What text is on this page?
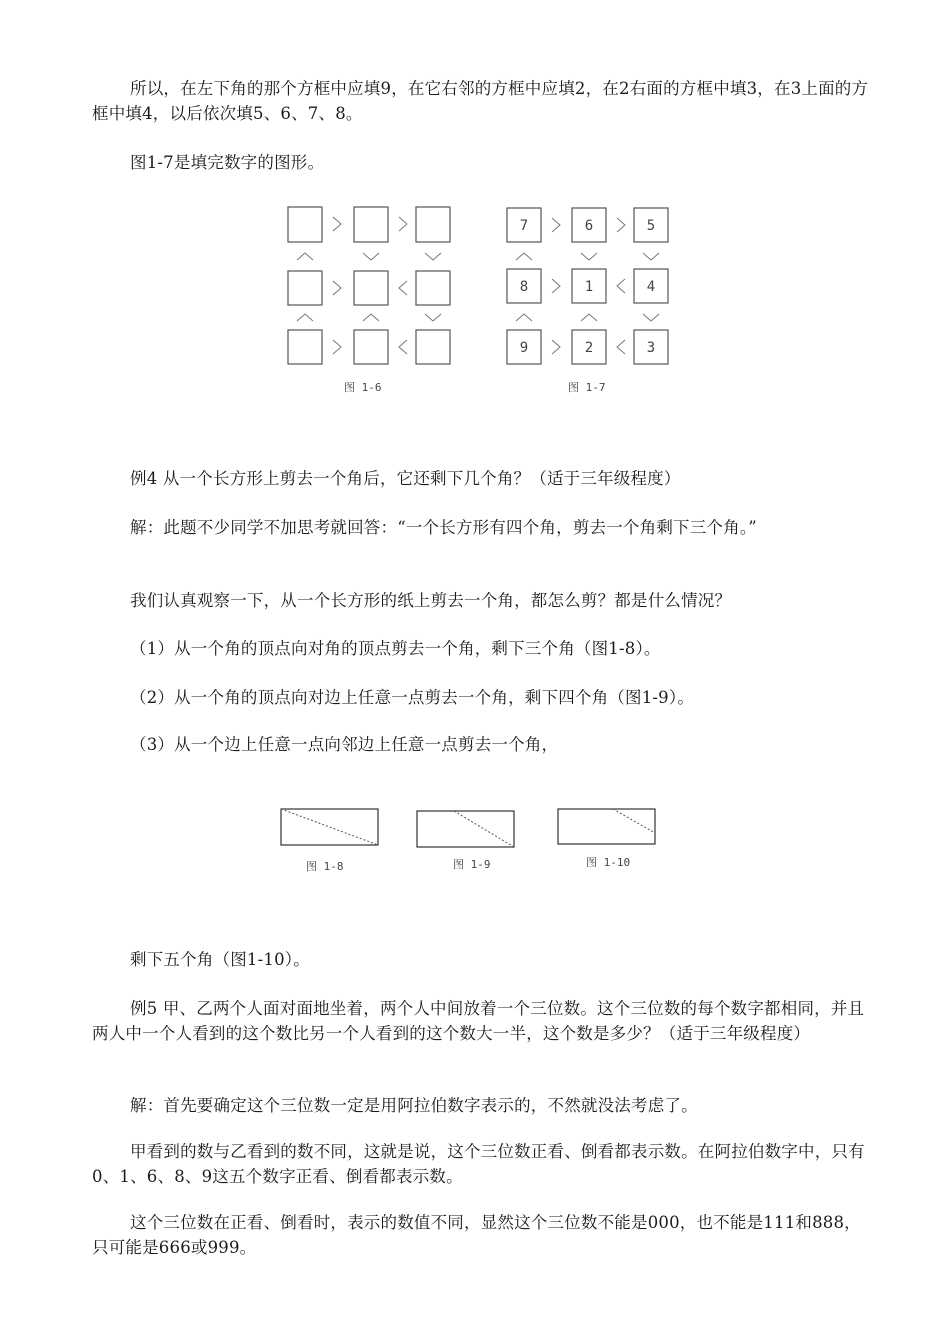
所以，在左下角的那个方框中应填9，在它右邻的方框中应填2，在2右面的方框中填3，在3上面的方框中填4，以后依次填5、6、7、8。

图1-7是填完数字的图形。

图 1-6
7	6	5
8	1	4
9	2	3
图 1-7

例4 从一个长方形上剪去一个角后，它还剩下几个角？（适于三年级程度）

解：此题不少同学不加思考就回答：“一个长方形有四个角，剪去一个角剩下三个角。”

我们认真观察一下，从一个长方形的纸上剪去一个角，都怎么剪？都是什么情况？

（1）从一个角的顶点向对角的顶点剪去一个角，剩下三个角（图1-8）。

（2）从一个角的顶点向对边上任意一点剪去一个角，剩下四个角（图1-9）。

（3）从一个边上任意一点向邻边上任意一点剪去一个角，

图 1-8	图 1-9	图 1-10

剩下五个角（图1-10）。

例5 甲、乙两个人面对面地坐着，两个人中间放着一个三位数。这个三位数的每个数字都相同，并且两人中一个人看到的这个数比另一个人看到的这个数大一半，这个数是多少？（适于三年级程度）

解：首先要确定这个三位数一定是用阿拉伯数字表示的，不然就没法考虑了。

甲看到的数与乙看到的数不同，这就是说，这个三位数正看、倒看都表示数。在阿拉伯数字中，只有0、1、6、8、9这五个数字正看、倒看都表示数。

这个三位数在正看、倒看时，表示的数值不同，显然这个三位数不能是000，也不能是111和888，只可能是666或999。
